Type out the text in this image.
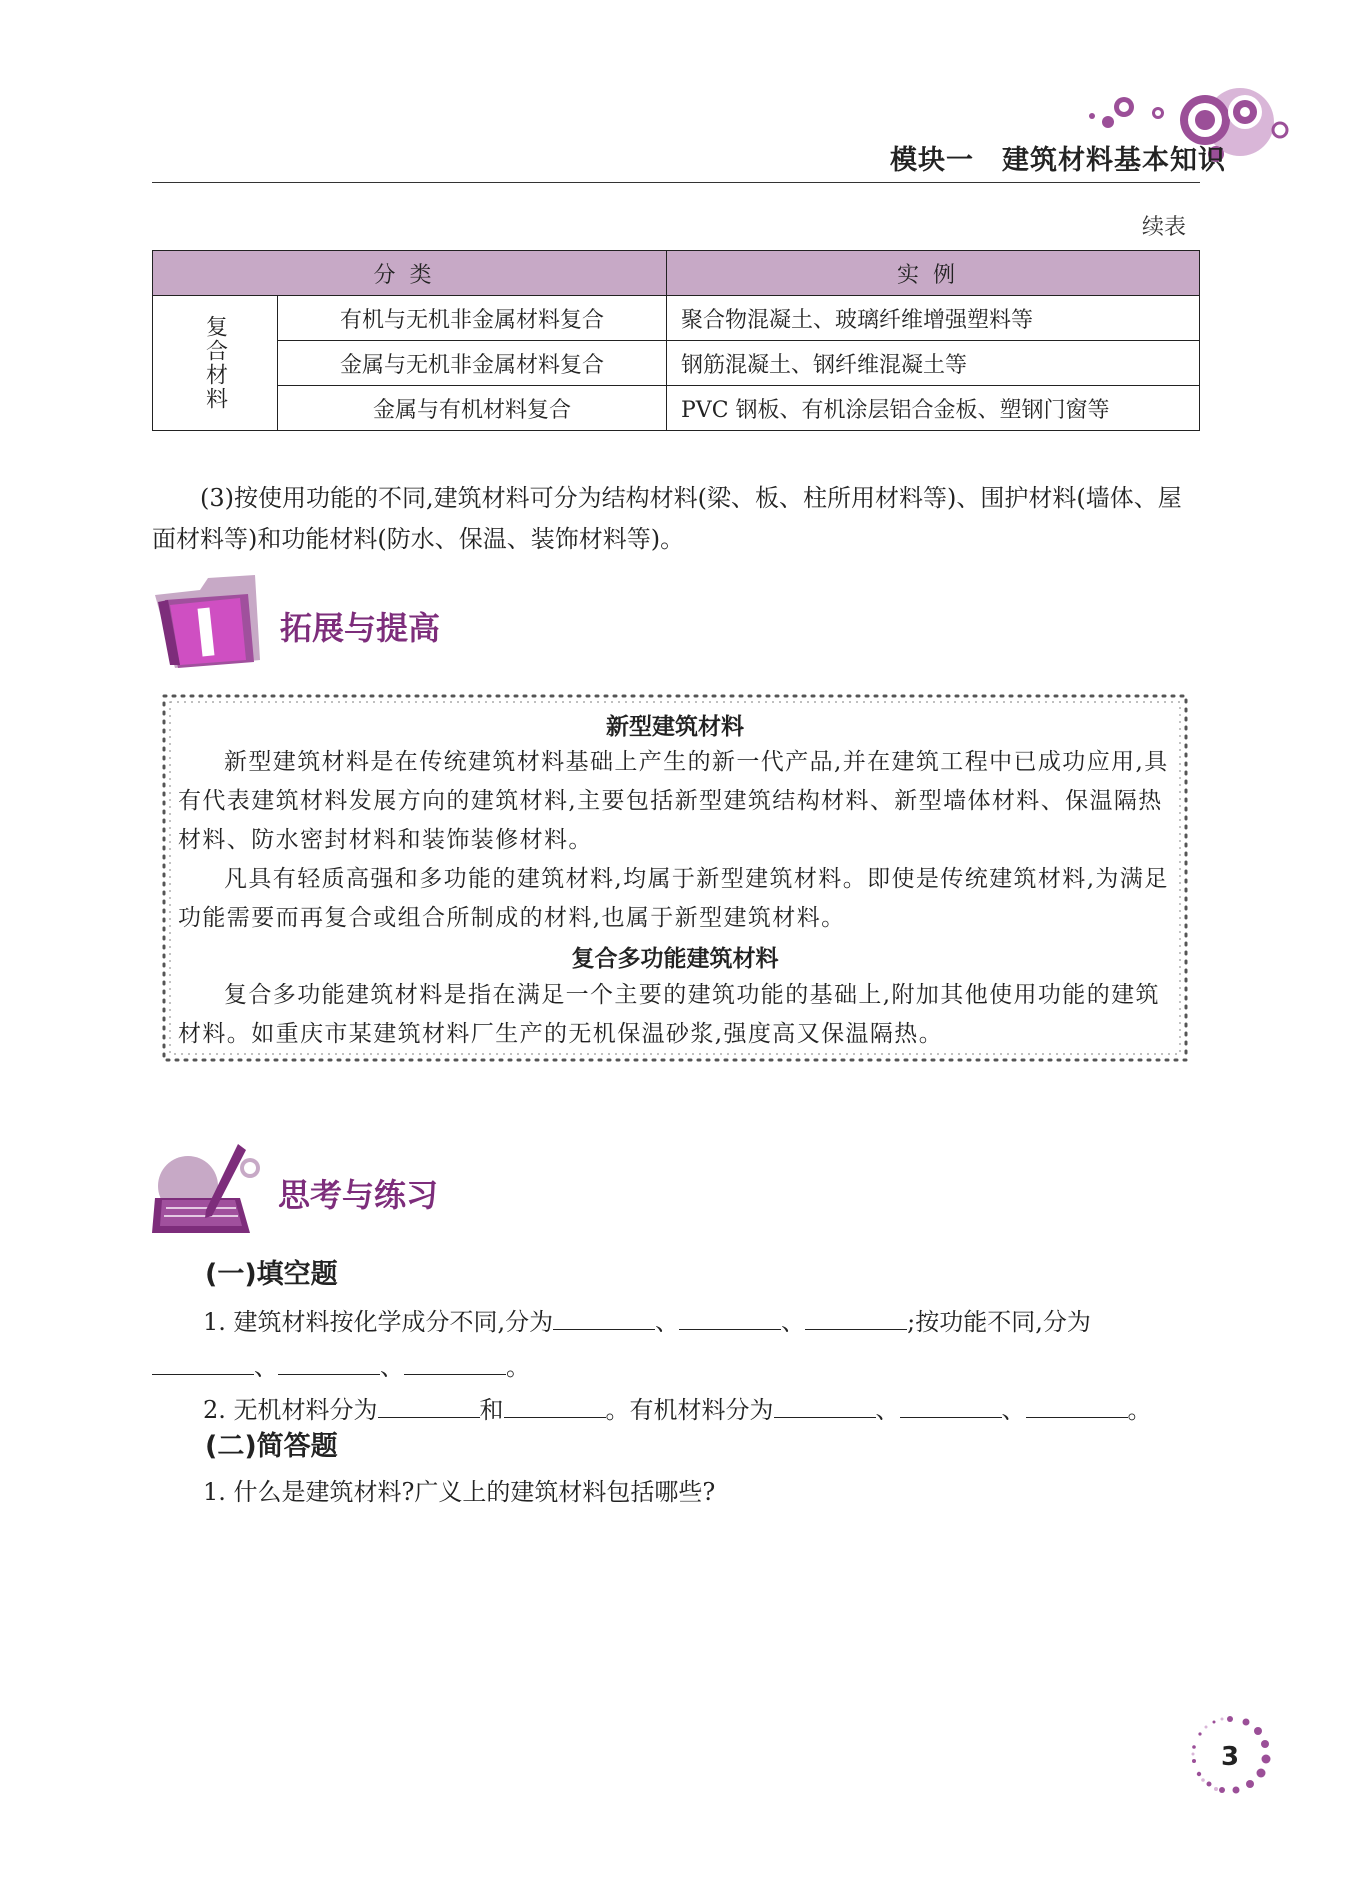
模块一　建筑材料基本知识
续表
分类		实例
复合材料	有机与无机非金属材料复合	聚合物混凝土、玻璃纤维增强塑料等
	金属与无机非金属材料复合	钢筋混凝土、钢纤维混凝土等
	金属与有机材料复合	PVC 钢板、有机涂层铝合金板、塑钢门窗等
(3)按使用功能的不同,建筑材料可分为结构材料(梁、板、柱所用材料等)、围护材料(墙体、屋面材料等)和功能材料(防水、保温、装饰材料等)。
拓展与提高
新型建筑材料
新型建筑材料是在传统建筑材料基础上产生的新一代产品,并在建筑工程中已成功应用,具有代表建筑材料发展方向的建筑材料,主要包括新型建筑结构材料、新型墙体材料、保温隔热材料、防水密封材料和装饰装修材料。
凡具有轻质高强和多功能的建筑材料,均属于新型建筑材料。即使是传统建筑材料,为满足功能需要而再复合或组合所制成的材料,也属于新型建筑材料。
复合多功能建筑材料
复合多功能建筑材料是指在满足一个主要的建筑功能的基础上,附加其他使用功能的建筑材料。如重庆市某建筑材料厂生产的无机保温砂浆,强度高又保温隔热。
思考与练习
(一)填空题
1. 建筑材料按化学成分不同,分为	、	、	;按功能不同,分为
、	、	。
2. 无机材料分为	和	。有机材料分为	、	、	。
(二)简答题
1. 什么是建筑材料?广义上的建筑材料包括哪些?
3
